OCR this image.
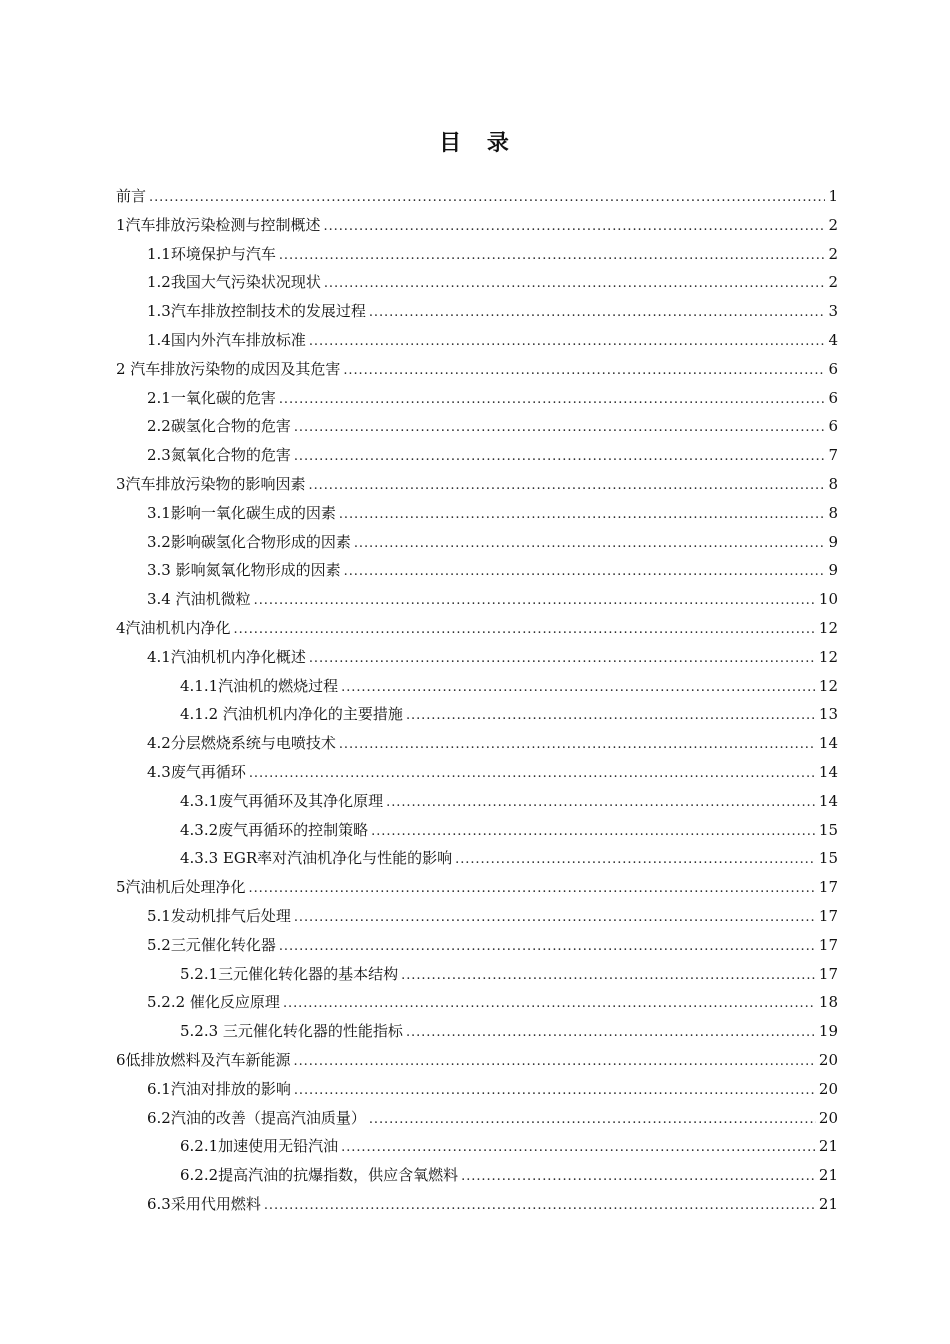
目 录
前言 . . .	1
1汽车排放污染检测与控制概述 . . .	2
1.1环境保护与汽车 . . .	2
1.2我国大气污染状况现状 . . .	2
1.3汽车排放控制技术的发展过程 . . .	3
1.4国内外汽车排放标准 . . .	4
2 汽车排放污染物的成因及其危害 . . .	6
2.1一氧化碳的危害 . . .	6
2.2碳氢化合物的危害 . . .	6
2.3氮氧化合物的危害 . . .	7
3汽车排放污染物的影响因素 . . .	8
3.1影响一氧化碳生成的因素 . . .	8
3.2影响碳氢化合物形成的因素 . . .	9
3.3 影响氮氧化物形成的因素 . . .	9
3.4 汽油机微粒 . . .	10
4汽油机机内净化 . . .	12
4.1汽油机机内净化概述 . . .	12
4.1.1汽油机的燃烧过程 . . .	12
4.1.2 汽油机机内净化的主要措施 . . .	13
4.2分层燃烧系统与电喷技术 . . .	14
4.3废气再循环 . . .	14
4.3.1废气再循环及其净化原理 . . .	14
4.3.2废气再循环的控制策略 . . .	15
4.3.3 EGR率对汽油机净化与性能的影响 . . .	15
5汽油机后处理净化 . . .	17
5.1发动机排气后处理 . . .	17
5.2三元催化转化器 . . .	17
5.2.1三元催化转化器的基本结构 . . .	17
5.2.2 催化反应原理 . . .	18
5.2.3 三元催化转化器的性能指标 . . .	19
6低排放燃料及汽车新能源 . . .	20
6.1汽油对排放的影响 . . .	20
6.2汽油的改善（提高汽油质量） . . .	20
6.2.1加速使用无铅汽油 . . .	21
6.2.2提高汽油的抗爆指数，供应含氧燃料 . . .	21
6.3采用代用燃料 . . .	21
